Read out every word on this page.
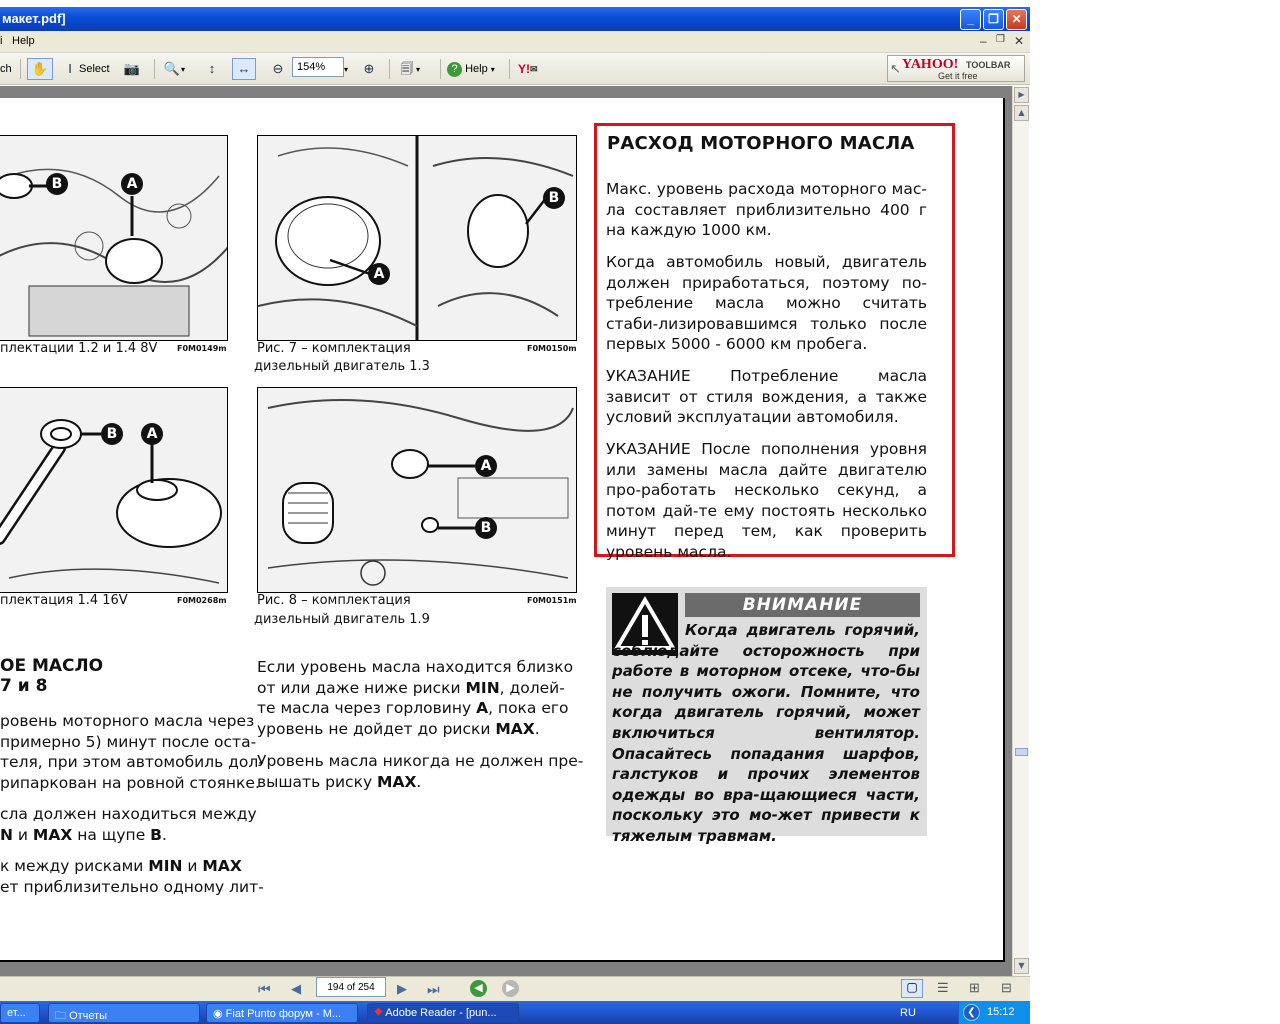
макет.pdf]	_	❐	✕
i Help	– ❐ ✕
ch ✋	I Select 📷 🔍 ▾	↕	↔ ⊖	▾ ⊕ 🗐 ▾	?
Help
▾ Y! ✉
154%	↖ YAHOO! TOOLBAR
Get it free
B	A
плектации 1.2 и 1.4 8V F0M0149m
A
B
Рис. 7 – комплектация
дизельный двигатель 1.3
F0M0150m
B	A
плектация 1.4 16V	F0M0268m
A
B
Рис. 8 – комплектация
дизельный двигатель 1.9
F0M0151m
ОЕ МАСЛО
7 и 8
ровень моторного масла через
примерно 5) минут после оста-
теля, при этом автомобиль дол-
рипаркован на ровной стоянке.
сла должен находиться между
N и MAX на щупе B.
к между рисками MIN и MAX
ет приблизительно одному лит-
Если уровень масла находится близко
от или даже ниже риски MIN, долей-
те масла через горловину A, пока его
уровень не дойдет до риски MAX.
Уровень масла никогда не должен пре-
вышать риску MAX.
РАСХОД МОТОРНОГО МАСЛА
Макс. уровень расхода моторного мас-ла составляет приблизительно 400 г на каждую 1000 км.
Когда автомобиль новый, двигатель должен приработаться, поэтому по-требление масла можно считать стаби-лизировавшимся только после первых 5000 - 6000 км пробега.
УКАЗАНИЕ Потребление масла зависит от стиля вождения, а также условий эксплуатации автомобиля.
УКАЗАНИЕ После пополнения уровня или замены масла дайте двигателю про-работать несколько секунд, а потом дай-те ему постоять несколько минут перед тем, как проверить уровень масла.
ВНИМАНИЕ
Когда двигатель горячий, соблюдайте осторожность при работе в моторном отсеке, что-бы не получить ожоги. Помните, что когда двигатель горячий, может включиться вентилятор. Опасайтесь попадания шарфов, галстуков и прочих элементов одежды во вра-щающиеся части, поскольку это мо-жет привести к тяжелым травмам.
▶
▲
▼
⏮ ◀	▶ ⏭	◀	▶	▢	☰ ⊞ ⊟
194 of 254
ет...	🗀 Отчеты	◉ Fiat Punto форум - M...	⯁ Adobe Reader - [pun...	RU	❮	15:12
